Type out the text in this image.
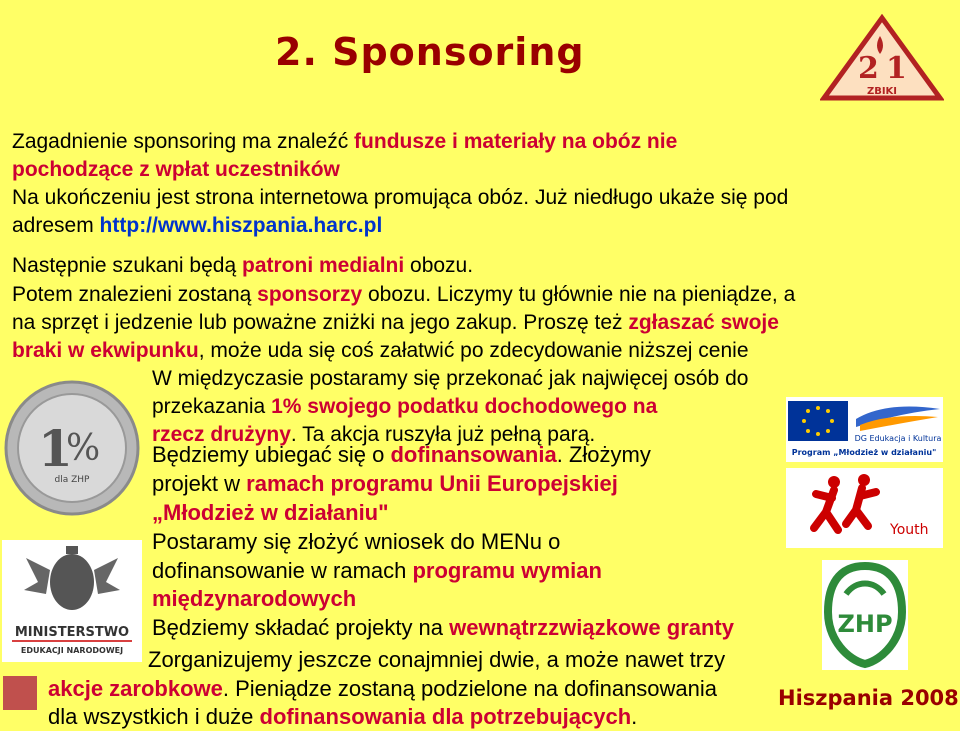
2. Sponsoring	2 1
ZBIKI
Zagadnienie sponsoring ma znaleźć fundusze i materiały na obóz nie
pochodzące z wpłat uczestników
Na ukończeniu jest strona internetowa promująca obóz. Już niedługo ukaże się pod
adresem http://www.hiszpania.harc.pl
Następnie szukani będą patroni medialni obozu.
Potem znalezieni zostaną sponsorzy obozu. Liczymy tu głównie nie na pieniądze, a
na sprzęt i jedzenie lub poważne zniżki na jego zakup. Proszę też zgłaszać swoje
braki w ekwipunku, może uda się coś załatwić po zdecydowanie niższej cenie
W międzyczasie postaramy się przekonać jak najwięcej osób do
przekazania 1% swojego podatku dochodowego na
rzecz drużyny. Ta akcja ruszyła już pełną parą.
Będziemy ubiegać się o dofinansowania. Złożymy
projekt w ramach programu Unii Europejskiej
„Młodzież w działaniu"
Postaramy się złożyć wniosek do MENu o
dofinansowanie w ramach programu wymian
międzynarodowych
Będziemy składać projekty na wewnątrzzwiązkowe granty
Zorganizujemy jeszcze conajmniej dwie, a może nawet trzy
akcje zarobkowe. Pieniądze zostaną podzielone na dofinansowania
dla wszystkich i duże dofinansowania dla potrzebujących.
1
%
dla ZHP
MINISTERSTWO
EDUKACJI NARODOWEJ
DG Edukacja i Kultura
Program „Młodzież w działaniu"
Youth
ZHP
Hiszpania 2008
